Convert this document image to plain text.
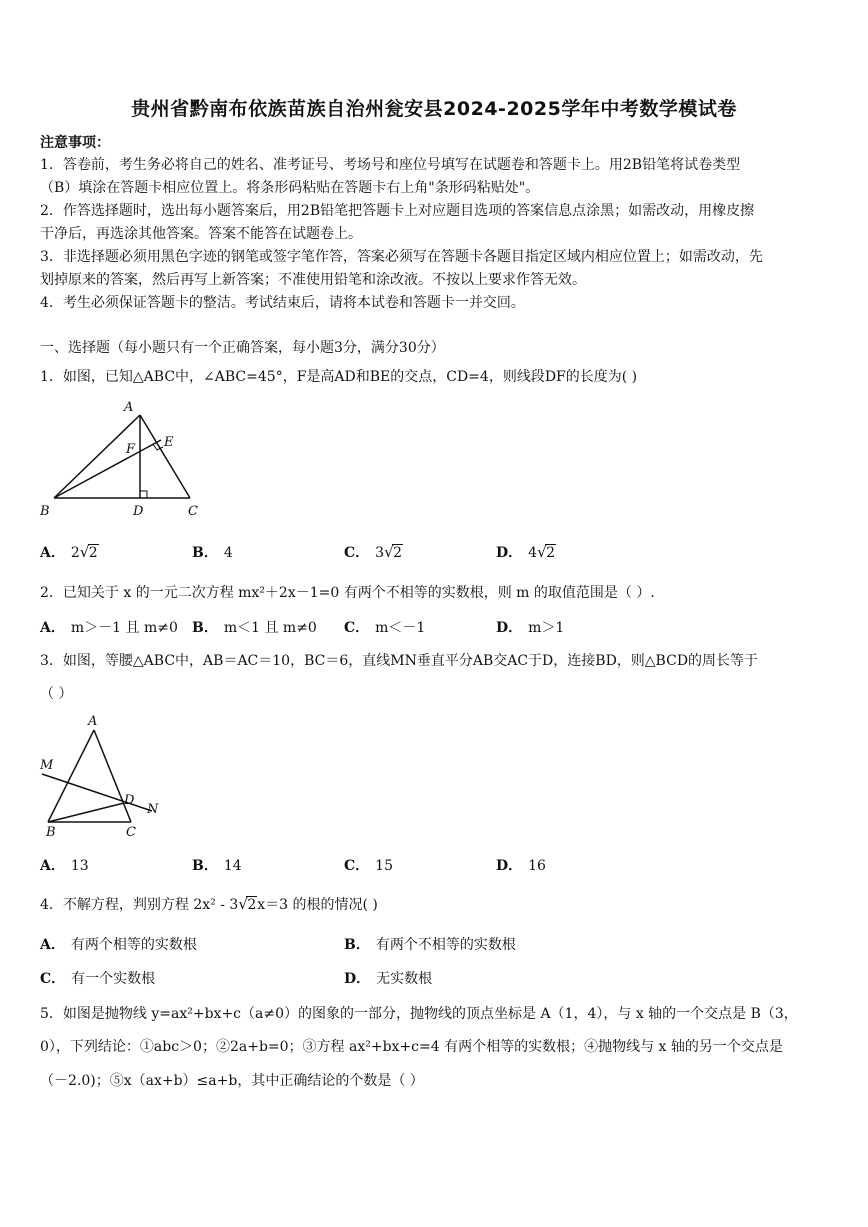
贵州省黔南布依族苗族自治州瓮安县2024-2025学年中考数学模试卷
注意事项：
1．答卷前，考生务必将自己的姓名、准考证号、考场号和座位号填写在试题卷和答题卡上。用2B铅笔将试卷类型
（B）填涂在答题卡相应位置上。将条形码粘贴在答题卡右上角"条形码粘贴处"。
2．作答选择题时，选出每小题答案后，用2B铅笔把答题卡上对应题目选项的答案信息点涂黑；如需改动，用橡皮擦
干净后，再选涂其他答案。答案不能答在试题卷上。
3．非选择题必须用黑色字迹的钢笔或签字笔作答，答案必须写在答题卡各题目指定区域内相应位置上；如需改动，先
划掉原来的答案，然后再写上新答案；不准使用铅笔和涂改液。不按以上要求作答无效。
4．考生必须保证答题卡的整洁。考试结束后，请将本试卷和答题卡一并交回。
一、选择题（每小题只有一个正确答案，每小题3分，满分30分）
1．如图，已知△ABC中，∠ABC=45°，F是高AD和BE的交点，CD=4，则线段DF的长度为( )
A
B	C
D
E
F
A． 2 √ 2	B． 4	C． 3 √ 2	D． 4 √ 2
2．已知关于 x 的一元二次方程 mx²＋2x－1=0 有两个不相等的实数根，则 m 的取值范围是（ ）.
A． m＞－1 且 m≠0 B． m＜1 且 m≠0 C． m＜－1	D． m＞1
3．如图，等腰△ABC中，AB＝AC＝10，BC＝6，直线MN垂直平分AB交AC于D，连接BD，则△BCD的周长等于
（ ）
A
B	C
D
M
N
A． 13	B． 14	C． 15	D． 16
4．不解方程，判别方程 2x² - 3 √ 2x＝3 的根的情况( )
A． 有两个相等的实数根	B． 有两个不相等的实数根
C． 有一个实数根	D． 无实数根
5．如图是抛物线 y=ax²+bx+c（a≠0）的图象的一部分，抛物线的顶点坐标是 A（1，4），与 x 轴的一个交点是 B（3，
0），下列结论：①abc＞0；②2a+b=0；③方程 ax²+bx+c=4 有两个相等的实数根；④抛物线与 x 轴的另一个交点是
（－2.0)；⑤x（ax+b）≤a+b，其中正确结论的个数是（ ）
